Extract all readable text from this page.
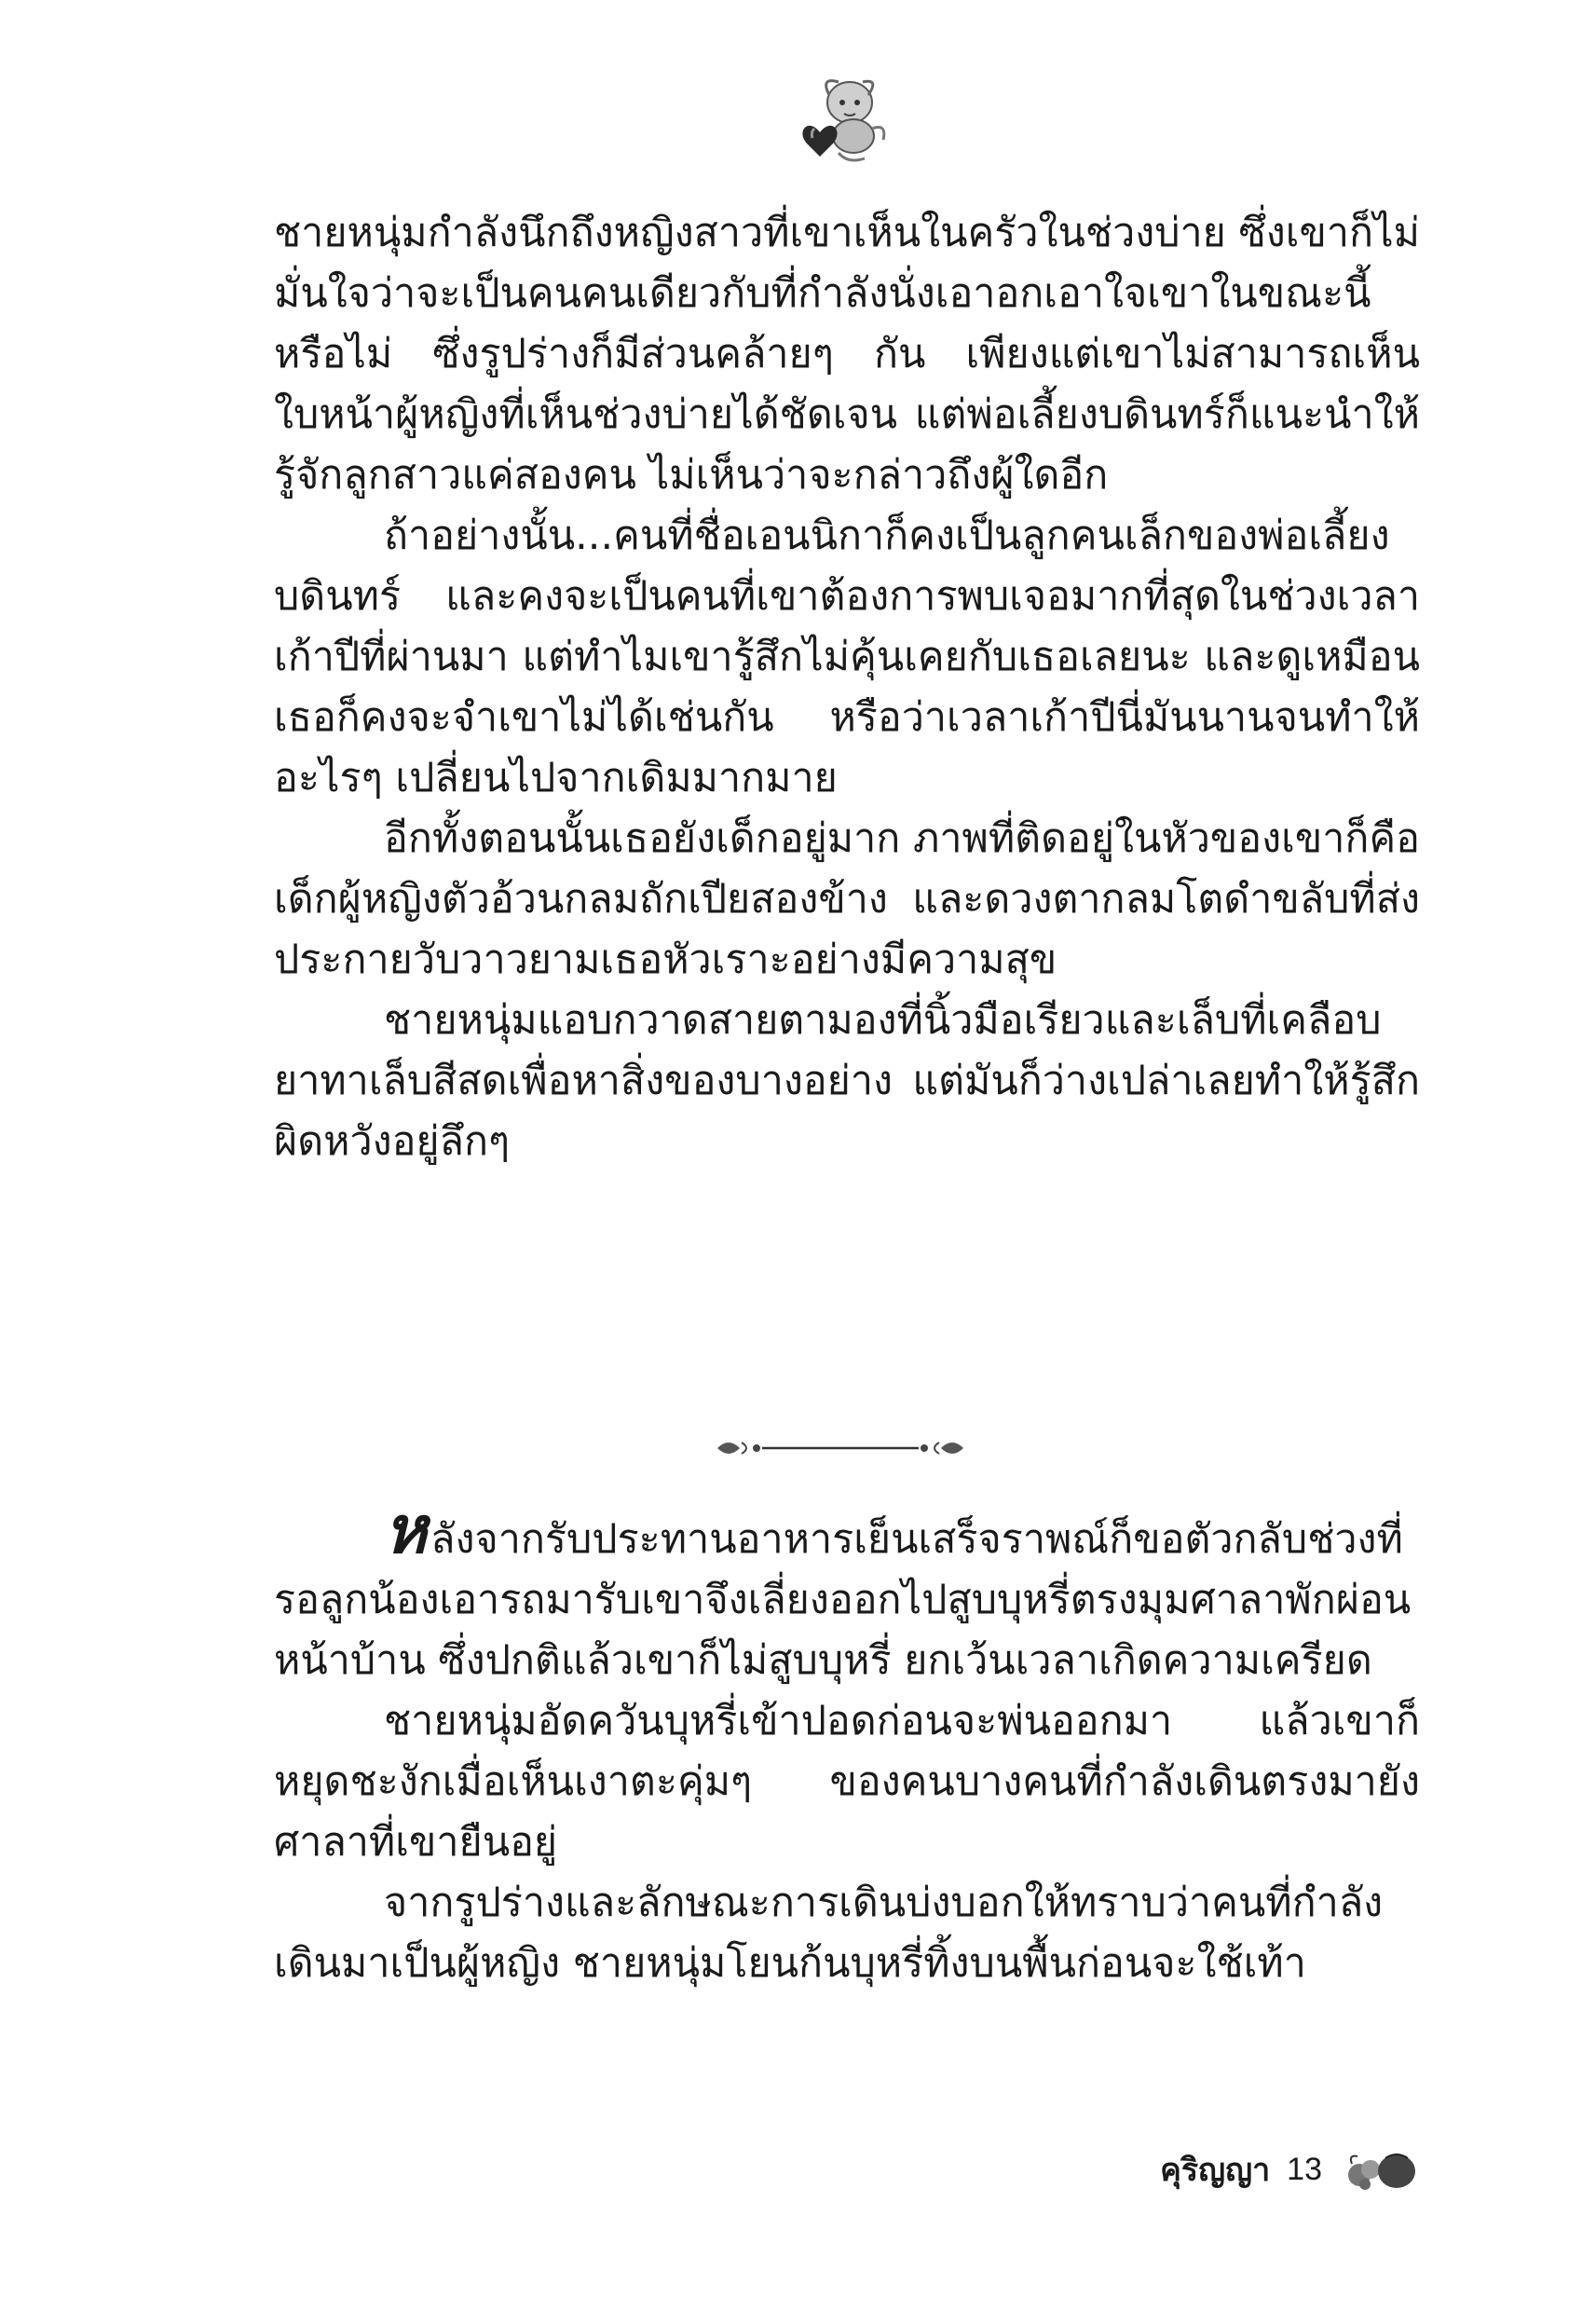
ชายหนุ่มกำลังนึกถึงหญิงสาวที่เขาเห็นในครัวในช่วงบ่าย ซึ่งเขาก็ไม่มั่นใจว่าจะเป็นคนคนเดียวกับที่กำลังนั่งเอาอกเอาใจเขาในขณะนี้หรือไม่ ซึ่งรูปร่างก็มีส่วนคล้ายๆ กัน เพียงแต่เขาไม่สามารถเห็นใบหน้าผู้หญิงที่เห็นช่วงบ่ายได้ชัดเจน แต่พ่อเลี้ยงบดินทร์ก็แนะนำให้รู้จักลูกสาวแค่สองคน ไม่เห็นว่าจะกล่าวถึงผู้ใดอีก

ถ้าอย่างนั้น...คนที่ชื่อเอนนิกาก็คงเป็นลูกคนเล็กของพ่อเลี้ยงบดินทร์ และคงจะเป็นคนที่เขาต้องการพบเจอมากที่สุดในช่วงเวลาเก้าปีที่ผ่านมา แต่ทำไมเขารู้สึกไม่คุ้นเคยกับเธอเลยนะ และดูเหมือนเธอก็คงจะจำเขาไม่ได้เช่นกัน หรือว่าเวลาเก้าปีนี่มันนานจนทำให้อะไรๆ เปลี่ยนไปจากเดิมมากมาย

อีกทั้งตอนนั้นเธอยังเด็กอยู่มาก ภาพที่ติดอยู่ในหัวของเขาก็คือเด็กผู้หญิงตัวอ้วนกลมถักเปียสองข้าง และดวงตากลมโตดำขลับที่ส่งประกายวับวาวยามเธอหัวเราะอย่างมีความสุข

ชายหนุ่มแอบกวาดสายตามองที่นิ้วมือเรียวและเล็บที่เคลือบยาทาเล็บสีสดเพื่อหาสิ่งของบางอย่าง แต่มันก็ว่างเปล่าเลยทำให้รู้สึกผิดหวังอยู่ลึกๆ

หลังจากรับประทานอาหารเย็นเสร็จราพณ์ก็ขอตัวกลับช่วงที่รอลูกน้องเอารถมารับเขาจึงเลี่ยงออกไปสูบบุหรี่ตรงมุมศาลาพักผ่อนหน้าบ้าน ซึ่งปกติแล้วเขาก็ไม่สูบบุหรี่ ยกเว้นเวลาเกิดความเครียด

ชายหนุ่มอัดควันบุหรี่เข้าปอดก่อนจะพ่นออกมา แล้วเขาก็หยุดชะงักเมื่อเห็นเงาตะคุ่มๆ ของคนบางคนที่กำลังเดินตรงมายังศาลาที่เขายืนอยู่

จากรูปร่างและลักษณะการเดินบ่งบอกให้ทราบว่าคนที่กำลังเดินมาเป็นผู้หญิง ชายหนุ่มโยนก้นบุหรี่ทิ้งบนพื้นก่อนจะใช้เท้า

คุริญญา 13
